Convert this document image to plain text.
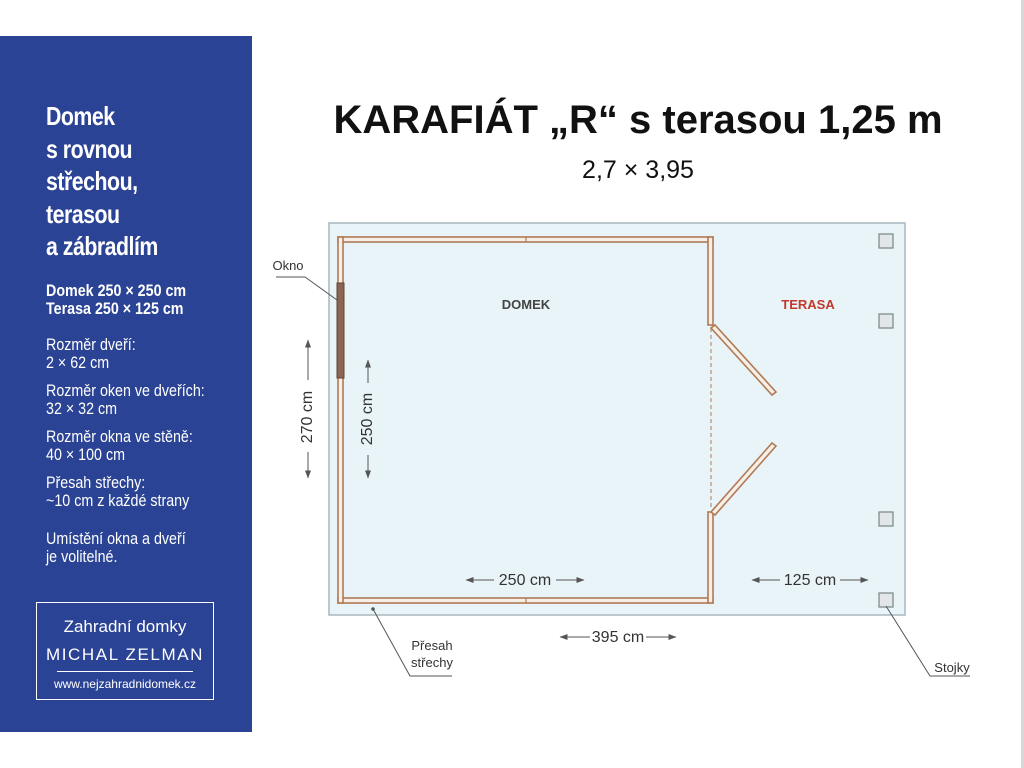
Domek
s rovnou
střechou,
terasou
a zábradlím
Domek 250 × 250 cm
Terasa 250 × 125 cm
Rozměr dveří:
2 × 62 cm
Rozměr oken ve dveřích:
32 × 32 cm
Rozměr okna ve stěně:
40 × 100 cm
Přesah střechy:
~10 cm z každé strany
Umístění okna a dveří
je volitelné.
Zahradní domky
MICHAL ZELMAN
www.nejzahradnidomek.cz
KARAFIÁT „R“ s terasou 1,25 m
2,7 × 3,95
DOMEK	TERASA
Okno
270 cm	250 cm
250 cm	125 cm
395 cm
Přesah
střechy	Stojky
